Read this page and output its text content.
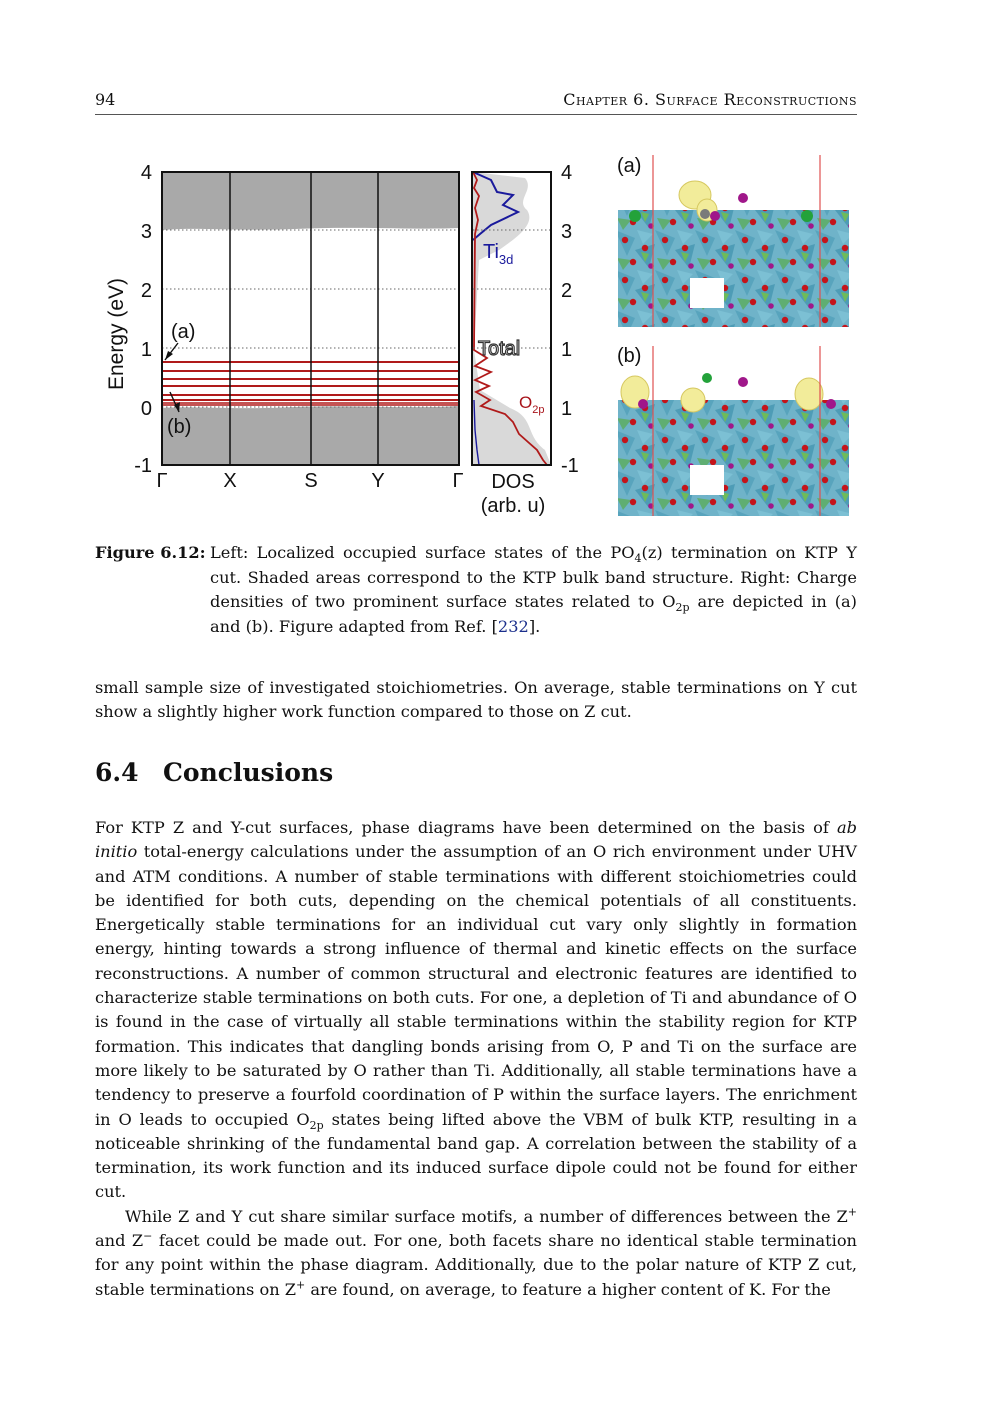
94	Chapter 6. Surface Reconstructions
(a)
(b)
4
3
2
1
0
-1
Energy (eV)
Γ	X	S	Y	Γ
$Ti_{3d}$
Total
$O_{2p}$
4
3
2
1
1
-1
DOS
(arb. u)
(a)
(b)
Figure 6.12: Left: Localized occupied surface states of the $PO_4(z)$ termination on KTP Y cut. Shaded areas correspond to the KTP bulk band structure. Right: Charge densities of two prominent surface states related to $O_{2p}$ are depicted in (a) and (b). Figure adapted from Ref. [232].

small sample size of investigated stoichiometries. On average, stable terminations on Y cut show a slightly higher work function compared to those on Z cut.

6.4 Conclusions

For KTP Z and Y-cut surfaces, phase diagrams have been determined on the basis of ab initio total-energy calculations under the assumption of an O rich environment under UHV and ATM conditions. A number of stable terminations with different stoichiometries could be identified for both cuts, depending on the chemical potentials of all constituents. Energetically stable terminations for an individual cut vary only slightly in formation energy, hinting towards a strong influence of thermal and kinetic effects on the surface reconstructions. A number of common structural and electronic features are identified to characterize stable terminations on both cuts. For one, a depletion of Ti and abundance of O is found in the case of virtually all stable terminations within the stability region for KTP formation. This indicates that dangling bonds arising from O, P and Ti on the surface are more likely to be saturated by O rather than Ti. Additionally, all stable terminations have a tendency to preserve a fourfold coordination of P within the surface layers. The enrichment in O leads to occupied $O_{2p}$ states being lifted above the VBM of bulk KTP, resulting in a noticeable shrinking of the fundamental band gap. A correlation between the stability of a termination, its work function and its induced surface dipole could not be found for either cut.

While Z and Y cut share similar surface motifs, a number of differences between the Z+ and Z− facet could be made out. For one, both facets share no identical stable termination for any point within the phase diagram. Additionally, due to the polar nature of KTP Z cut, stable terminations on Z+ are found, on average, to feature a higher content of K. For the
